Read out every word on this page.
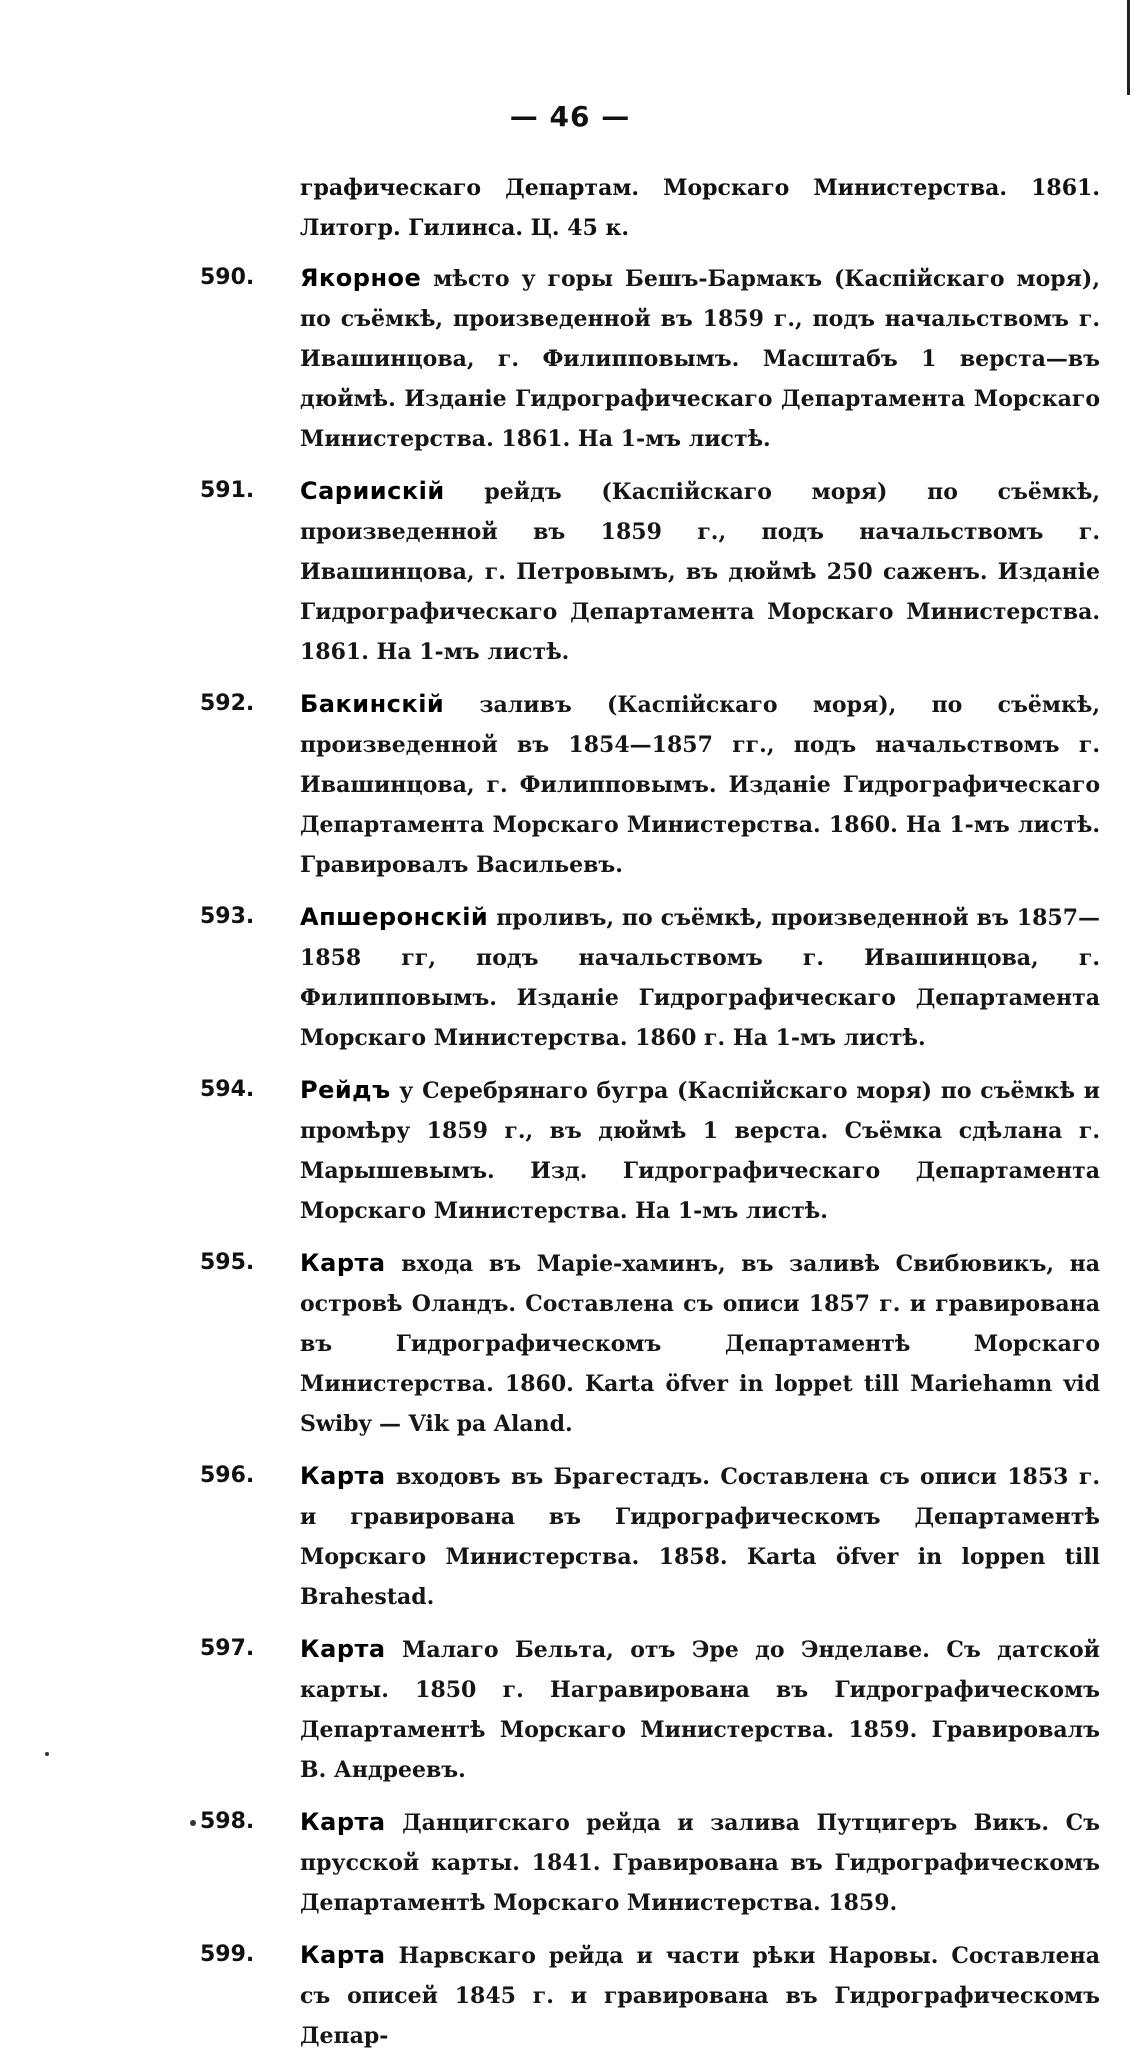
— 46 —
графическаго Департам. Морскаго Министерства. 1861. Литогр. Гилинса. Ц. 45 к.
590.	Якорное мѣсто у горы Бешъ-Бармакъ (Каспійскаго моря), по съёмкѣ, произведенной въ 1859 г., подъ начальствомъ г. Ивашинцова, г. Филипповымъ. Масштабъ 1 верста—въ дюймѣ. Изданіе Гидрографическаго Департамента Морскаго Министерства. 1861. На 1-мъ листѣ.
591.	Сариискій рейдъ (Каспійскаго моря) по съёмкѣ, произведенной въ 1859 г., подъ начальствомъ г. Ивашинцова, г. Петровымъ, въ дюймѣ 250 саженъ. Изданіе Гидрографическаго Департамента Морскаго Министерства. 1861. На 1-мъ листѣ.
592.	Бакинскій заливъ (Каспійскаго моря), по съёмкѣ, произведенной въ 1854—1857 гг., подъ начальствомъ г. Ивашинцова, г. Филипповымъ. Изданіе Гидрографическаго Департамента Морскаго Министерства. 1860. На 1-мъ листѣ. Гравировалъ Васильевъ.
593.	Апшеронскій проливъ, по съёмкѣ, произведенной въ 1857—1858 гг, подъ начальствомъ г. Ивашинцова, г. Филипповымъ. Изданіе Гидрографическаго Департамента Морскаго Министерства. 1860 г. На 1-мъ листѣ.
594.	Рейдъ у Серебрянаго бугра (Каспійскаго моря) по съёмкѣ и промѣру 1859 г., въ дюймѣ 1 верста. Съёмка сдѣлана г. Марышевымъ. Изд. Гидрографическаго Департамента Морскаго Министерства. На 1-мъ листѣ.
595.	Карта входа въ Маріе-хаминъ, въ заливѣ Свибювикъ, на островѣ Оландъ. Составлена съ описи 1857 г. и гравирована въ Гидрографическомъ Департаментѣ Морскаго Министерства. 1860. Karta öfver in loppet till Mariehamn vid Swiby — Vik pa Aland.
596.	Карта входовъ въ Брагестадъ. Составлена съ описи 1853 г. и гравирована въ Гидрографическомъ Департаментѣ Морскаго Министерства. 1858. Karta öfver in loppen till Brahestad.
597.	Карта Малаго Бельта, отъ Эре до Энделаве. Съ датской карты. 1850 г. Награвирована въ Гидрографическомъ Департаментѣ Морскаго Министерства. 1859. Гравировалъ В. Андреевъ.
598.	Карта Данцигскаго рейда и залива Путцигеръ Викъ. Съ прусской карты. 1841. Гравирована въ Гидрографическомъ Департаментѣ Морскаго Министерства. 1859.
599.	Карта Нарвскаго рейда и части рѣки Наровы. Составлена съ описей 1845 г. и гравирована въ Гидрографическомъ Депар-
